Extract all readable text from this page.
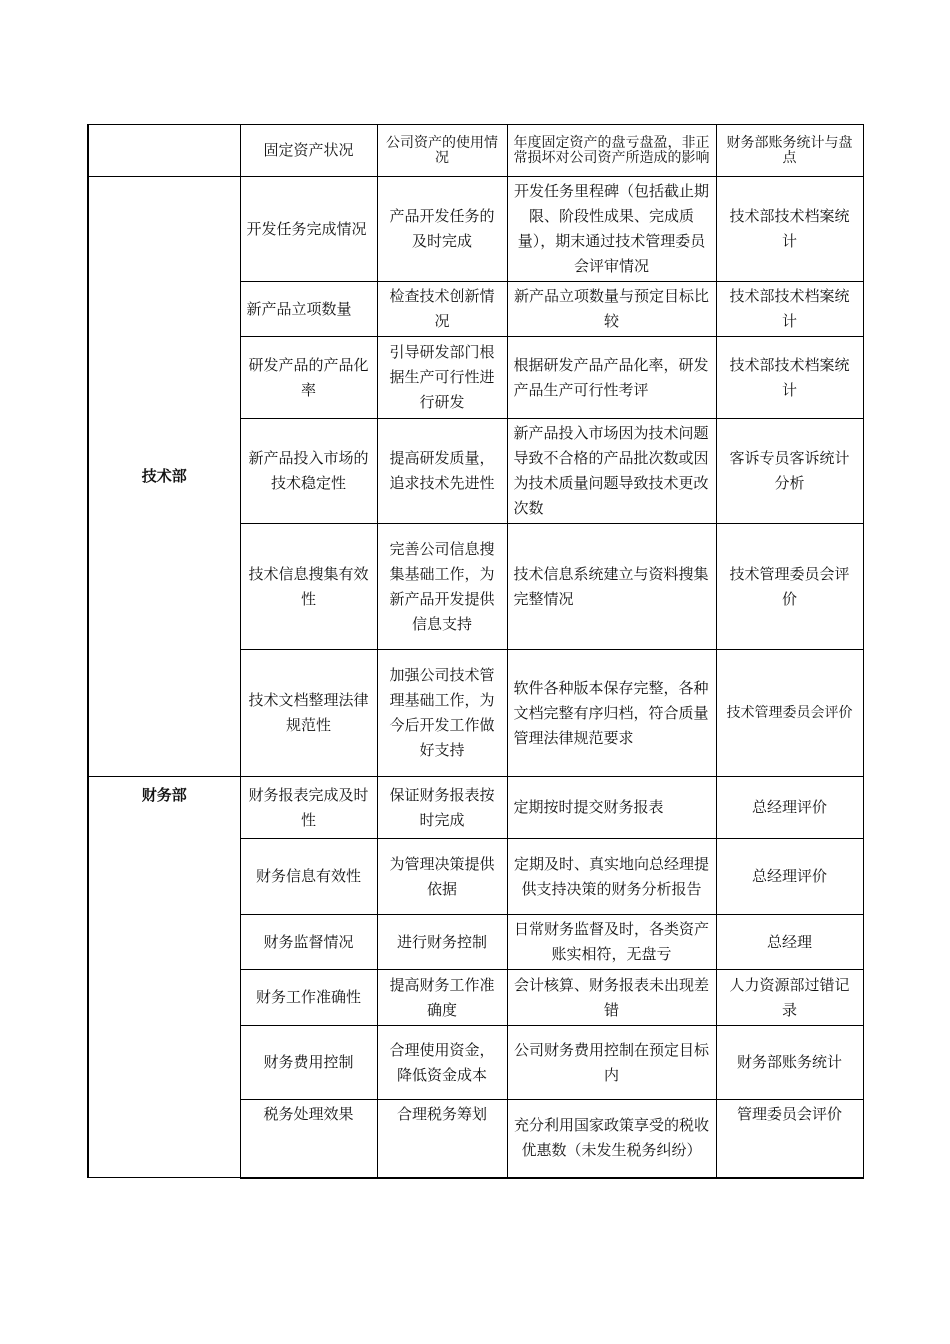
	固定资产状况	公司资产的使用情况	年度固定资产的盘亏盘盈，非正常损坏对公司资产所造成的影响	财务部账务统计与盘点
技术部	开发任务完成情况	产品开发任务的及时完成	开发任务里程碑（包括截止期限、阶段性成果、完成质量），期末通过技术管理委员会评审情况	技术部技术档案统计
	新产品立项数量	检查技术创新情况	新产品立项数量与预定目标比较	技术部技术档案统计
	研发产品的产品化率	引导研发部门根据生产可行性进行研发	根据研发产品产品化率，研发产品生产可行性考评	技术部技术档案统计
	新产品投入市场的技术稳定性	提高研发质量，追求技术先进性	新产品投入市场因为技术问题导致不合格的产品批次数或因为技术质量问题导致技术更改次数	客诉专员客诉统计分析
	技术信息搜集有效性	完善公司信息搜集基础工作，为新产品开发提供信息支持	技术信息系统建立与资料搜集完整情况	技术管理委员会评价
	技术文档整理法律规范性	加强公司技术管理基础工作，为今后开发工作做好支持	软件各种版本保存完整，各种文档完整有序归档，符合质量管理法律规范要求	技术管理委员会评价
财务部	财务报表完成及时性	保证财务报表按时完成	定期按时提交财务报表	总经理评价
	财务信息有效性	为管理决策提供依据	定期及时、真实地向总经理提供支持决策的财务分析报告	总经理评价
	财务监督情况	进行财务控制	日常财务监督及时，各类资产账实相符，无盘亏	总经理
	财务工作准确性	提高财务工作准确度	会计核算、财务报表未出现差错	人力资源部过错记录
	财务费用控制	合理使用资金，降低资金成本	公司财务费用控制在预定目标内	财务部账务统计
	税务处理效果	合理税务筹划	充分利用国家政策享受的税收优惠数（未发生税务纠纷）	管理委员会评价
